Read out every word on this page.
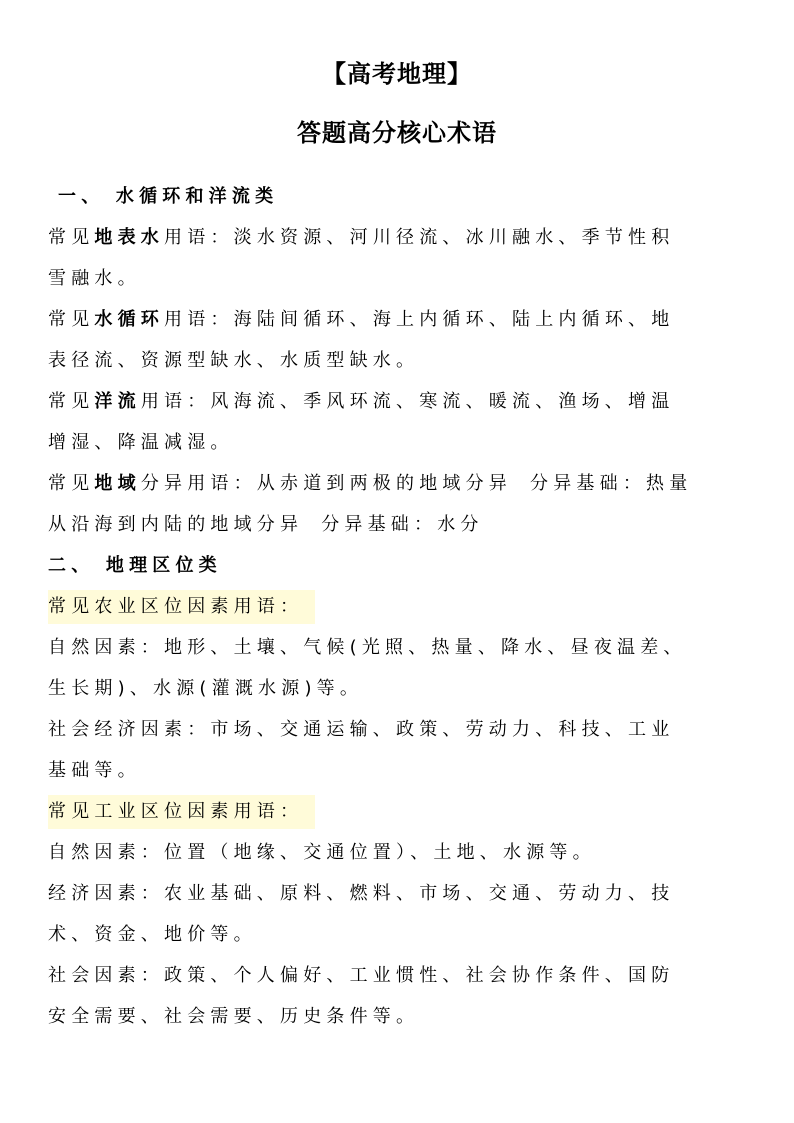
【高考地理】
答题高分核心术语

一、 水循环和洋流类

常见地表水用语：淡水资源、河川径流、冰川融水、季节性积

雪融水。

常见水循环用语：海陆间循环、海上内循环、陆上内循环、地

表径流、资源型缺水、水质型缺水。

常见洋流用语：风海流、季风环流、寒流、暖流、渔场、增温

增湿、降温减湿。

常见地域分异用语：从赤道到两极的地域分异 分异基础：热量

从沿海到内陆的地域分异 分异基础：水分

二、 地理区位类

常见农业区位因素用语：

自然因素：地形、土壤、气候(光照、热量、降水、昼夜温差、

生长期)、水源(灌溉水源)等。

社会经济因素：市场、交通运输、政策、劳动力、科技、工业

基础等。

常见工业区位因素用语：

自然因素：位置（地缘、交通位置）、土地、水源等。

经济因素：农业基础、原料、燃料、市场、交通、劳动力、技

术、资金、地价等。

社会因素：政策、个人偏好、工业惯性、社会协作条件、国防

安全需要、社会需要、历史条件等。
